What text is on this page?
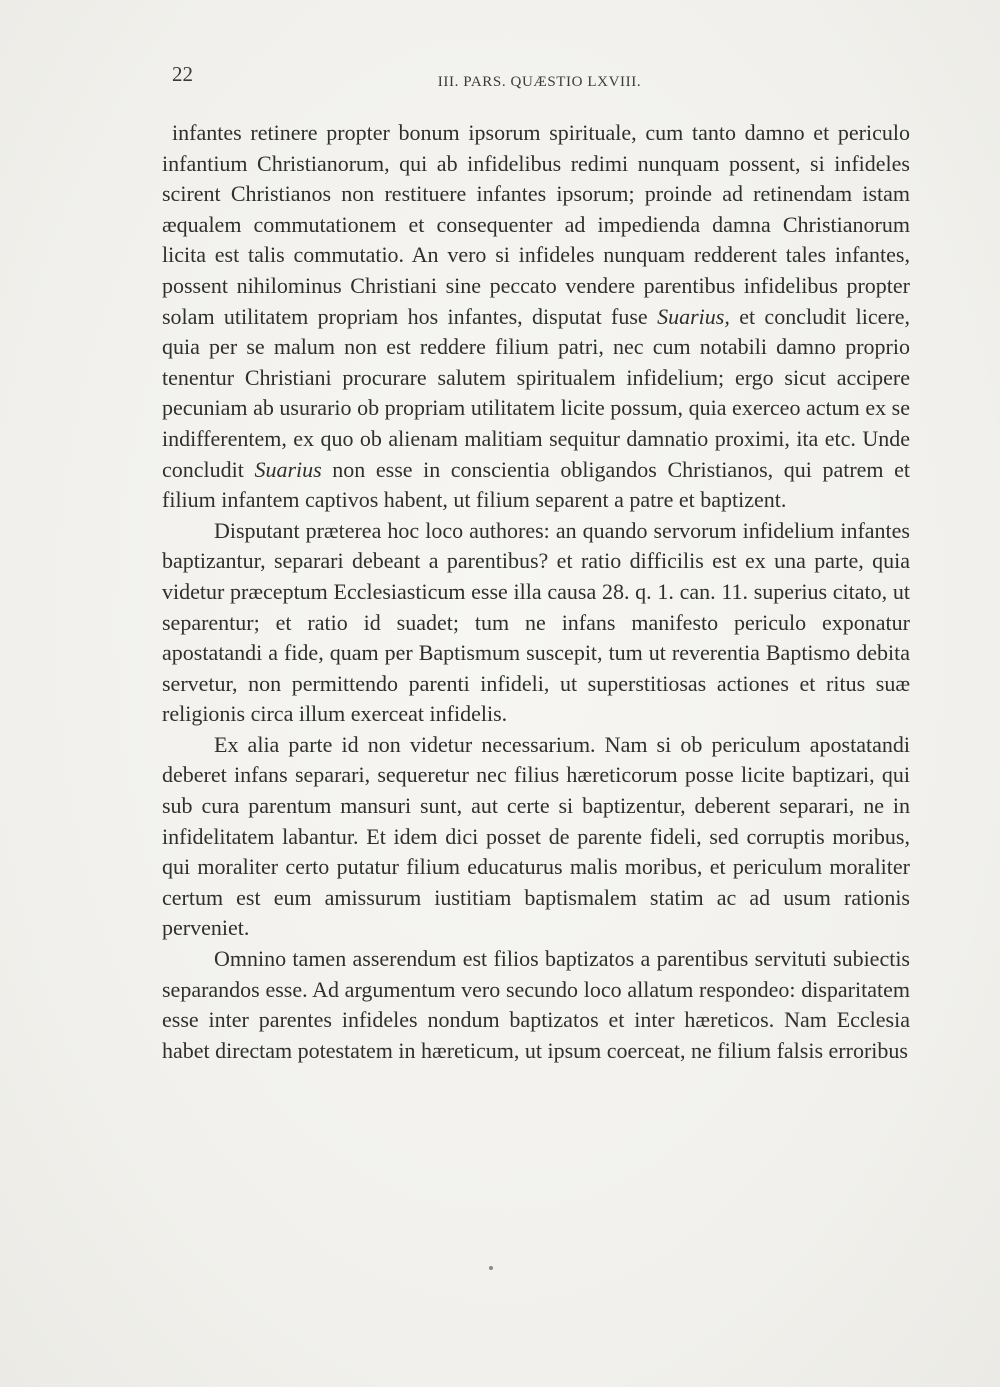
22	III. PARS. QUÆSTIO LXVIII.

infantes retinere propter bonum ipsorum spirituale, cum tanto damno et periculo infantium Christianorum, qui ab infidelibus redimi nunquam possent, si infideles scirent Christianos non restituere infantes ipsorum; proinde ad retinendam istam æqualem commutationem et consequenter ad impedienda damna Christianorum licita est talis commutatio. An vero si infideles nunquam redderent tales infantes, possent nihilominus Christiani sine peccato vendere parentibus infidelibus propter solam utilitatem propriam hos infantes, disputat fuse Suarius, et concludit licere, quia per se malum non est reddere filium patri, nec cum notabili damno proprio tenentur Christiani procurare salutem spiritualem infidelium; ergo sicut accipere pecuniam ab usurario ob propriam utilitatem licite possum, quia exerceo actum ex se indifferentem, ex quo ob alienam malitiam sequitur damnatio proximi, ita etc. Unde concludit Suarius non esse in conscientia obligandos Christianos, qui patrem et filium infantem captivos habent, ut filium separent a patre et baptizent.

Disputant præterea hoc loco authores: an quando servorum infidelium infantes baptizantur, separari debeant a parentibus? et ratio difficilis est ex una parte, quia videtur præceptum Ecclesiasticum esse illa causa 28. q. 1. can. 11. superius citato, ut separentur; et ratio id suadet; tum ne infans manifesto periculo exponatur apostatandi a fide, quam per Baptismum suscepit, tum ut reverentia Baptismo debita servetur, non permittendo parenti infideli, ut superstitiosas actiones et ritus suæ religionis circa illum exerceat infidelis.

Ex alia parte id non videtur necessarium. Nam si ob periculum apostatandi deberet infans separari, sequeretur nec filius hæreticorum posse licite baptizari, qui sub cura parentum mansuri sunt, aut certe si baptizentur, deberent separari, ne in infidelitatem labantur. Et idem dici posset de parente fideli, sed corruptis moribus, qui moraliter certo putatur filium educaturus malis moribus, et periculum moraliter certum est eum amissurum iustitiam baptismalem statim ac ad usum rationis perveniet.

Omnino tamen asserendum est filios baptizatos a parentibus servituti subiectis separandos esse. Ad argumentum vero secundo loco allatum respondeo: disparitatem esse inter parentes infideles nondum baptizatos et inter hæreticos. Nam Ecclesia habet directam potestatem in hæreticum, ut ipsum coerceat, ne filium falsis erroribus
